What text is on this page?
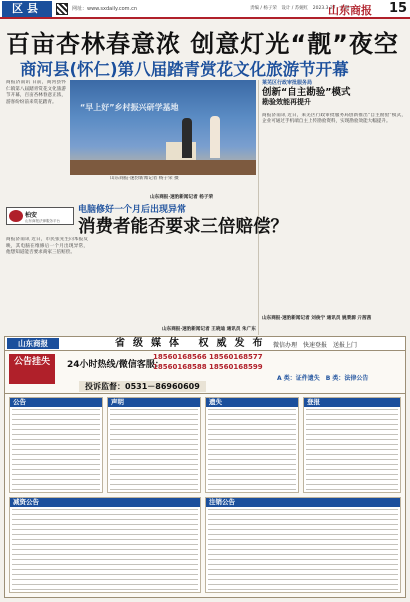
区县	网址：www.sxdaily.com.cn	责编 / 杨子荣　设计 / 苏婉红　2023.3.27　星期一
山东商报 15
百亩杏林春意浓 创意灯光“靓”夜空
商河县(怀仁)第八届踏青赏花文化旅游节开幕
商报济南讯 日前，商河县怀仁镇第八届踏青赏花文化旅游节开幕，百亩杏林春意正浓，游客纷纷前来赏花踏青。
“早上好”乡村振兴研学基地
山东商报·速豹新闻记者 杨子荣 摄
山东商报·速豹新闻记者 杨子荣
莱芜区行政审批服务局
创新“自主勘验”模式
勘验效能再提升
商报济南讯 近日，莱芜区行政审批服务局创新推出“自主勘验”模式，企业可通过手机端自主上传勘验资料，实现勘验效能大幅提升。
山东商报·速豹新闻记者 刘俊宁 通讯员 姚秉源 亓茜茜
柏安
山东商报法律服务平台
电脑修好一个月后出现异常
消费者能否要求三倍赔偿？
商报济南讯 近日，市民张先生向本报反映，其电脑在维修后一个月出现异常，他想知道能否要求商家三倍赔偿。
山东商报·速豹新闻记者 王晓迪 通讯员 朱广东
山东商报	省级媒体 权威发布 微信办理　快速登报　送报上门
公告挂失	24小时热线/微信客服：
18560168566 18560168577
18560168588 18560168599
投诉监督：0531－86960609
A 类：证件遗失　B 类：法律公告
公告	声明	遗失	登报
减资公告	注销公告
